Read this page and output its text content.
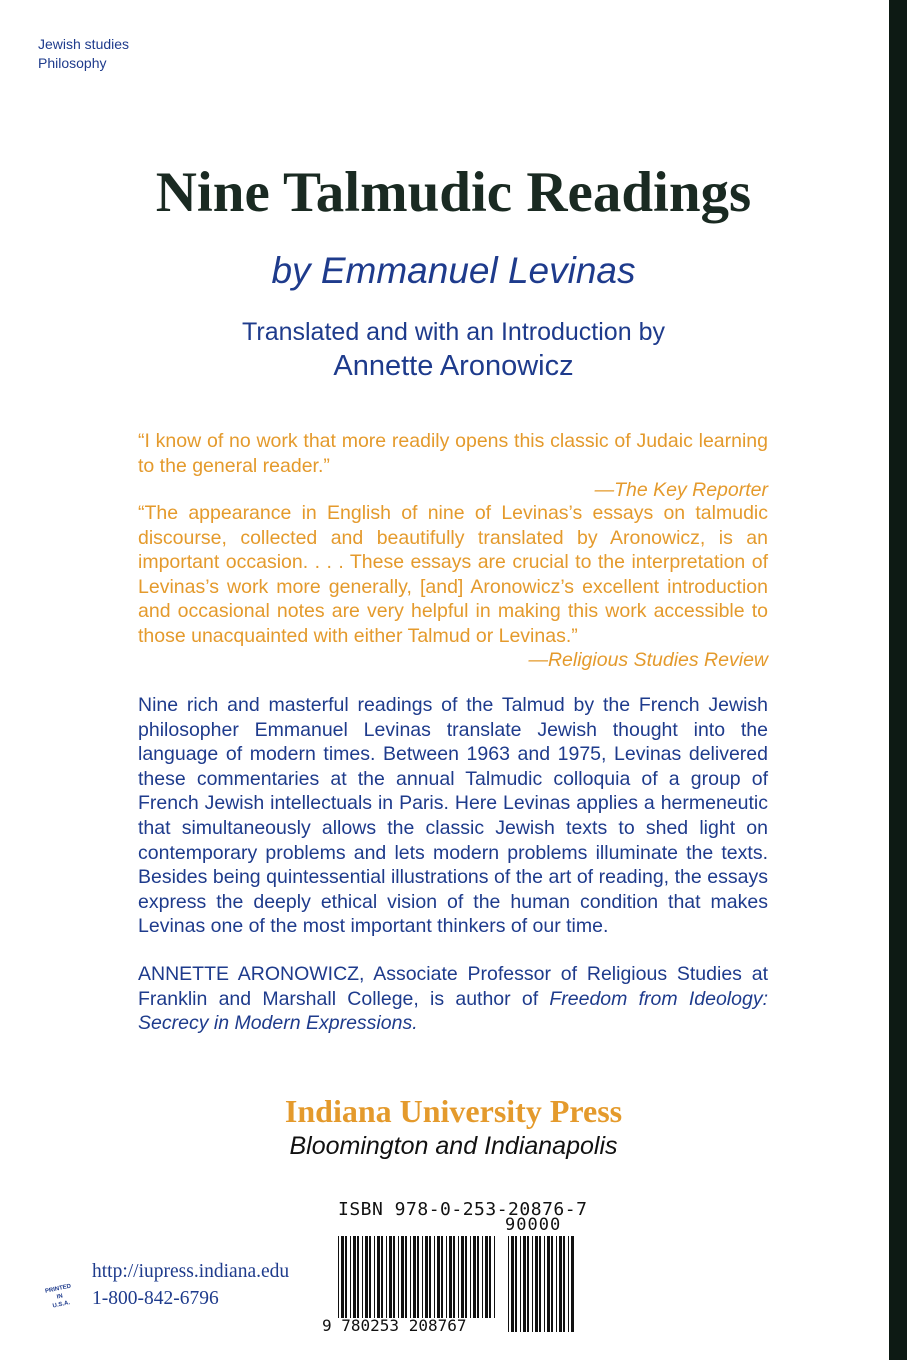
Jewish studies
Philosophy
Nine Talmudic Readings
by Emmanuel Levinas
Translated and with an Introduction by
Annette Aronowicz
“I know of no work that more readily opens this classic of Judaic learning to the general reader.”
—The Key Reporter
“The appearance in English of nine of Levinas’s essays on talmudic discourse, collected and beautifully translated by Aronowicz, is an important occasion. . . . These essays are crucial to the interpretation of Levinas’s work more generally, [and] Aronowicz’s excellent introduction and occasional notes are very helpful in making this work accessible to those unacquainted with either Talmud or Levinas.”
—Religious Studies Review
Nine rich and masterful readings of the Talmud by the French Jewish philosopher Emmanuel Levinas translate Jewish thought into the language of modern times. Between 1963 and 1975, Levinas delivered these commentaries at the annual Talmudic colloquia of a group of French Jewish intellectuals in Paris. Here Levinas applies a hermeneutic that simultaneously allows the classic Jewish texts to shed light on contemporary problems and lets modern problems illuminate the texts. Besides being quintessential illustrations of the art of reading, the essays express the deeply ethical vision of the human condition that makes Levinas one of the most important thinkers of our time.
ANNETTE ARONOWICZ, Associate Professor of Religious Studies at Franklin and Marshall College, is author of Freedom from Ideology: Secrecy in Modern Expressions.
Indiana University Press
Bloomington and Indianapolis
PRINTED
IN
U.S.A.
http://iupress.indiana.edu
1-800-842-6796
ISBN 978-0-253-20876-7
90000
9 780253 208767
